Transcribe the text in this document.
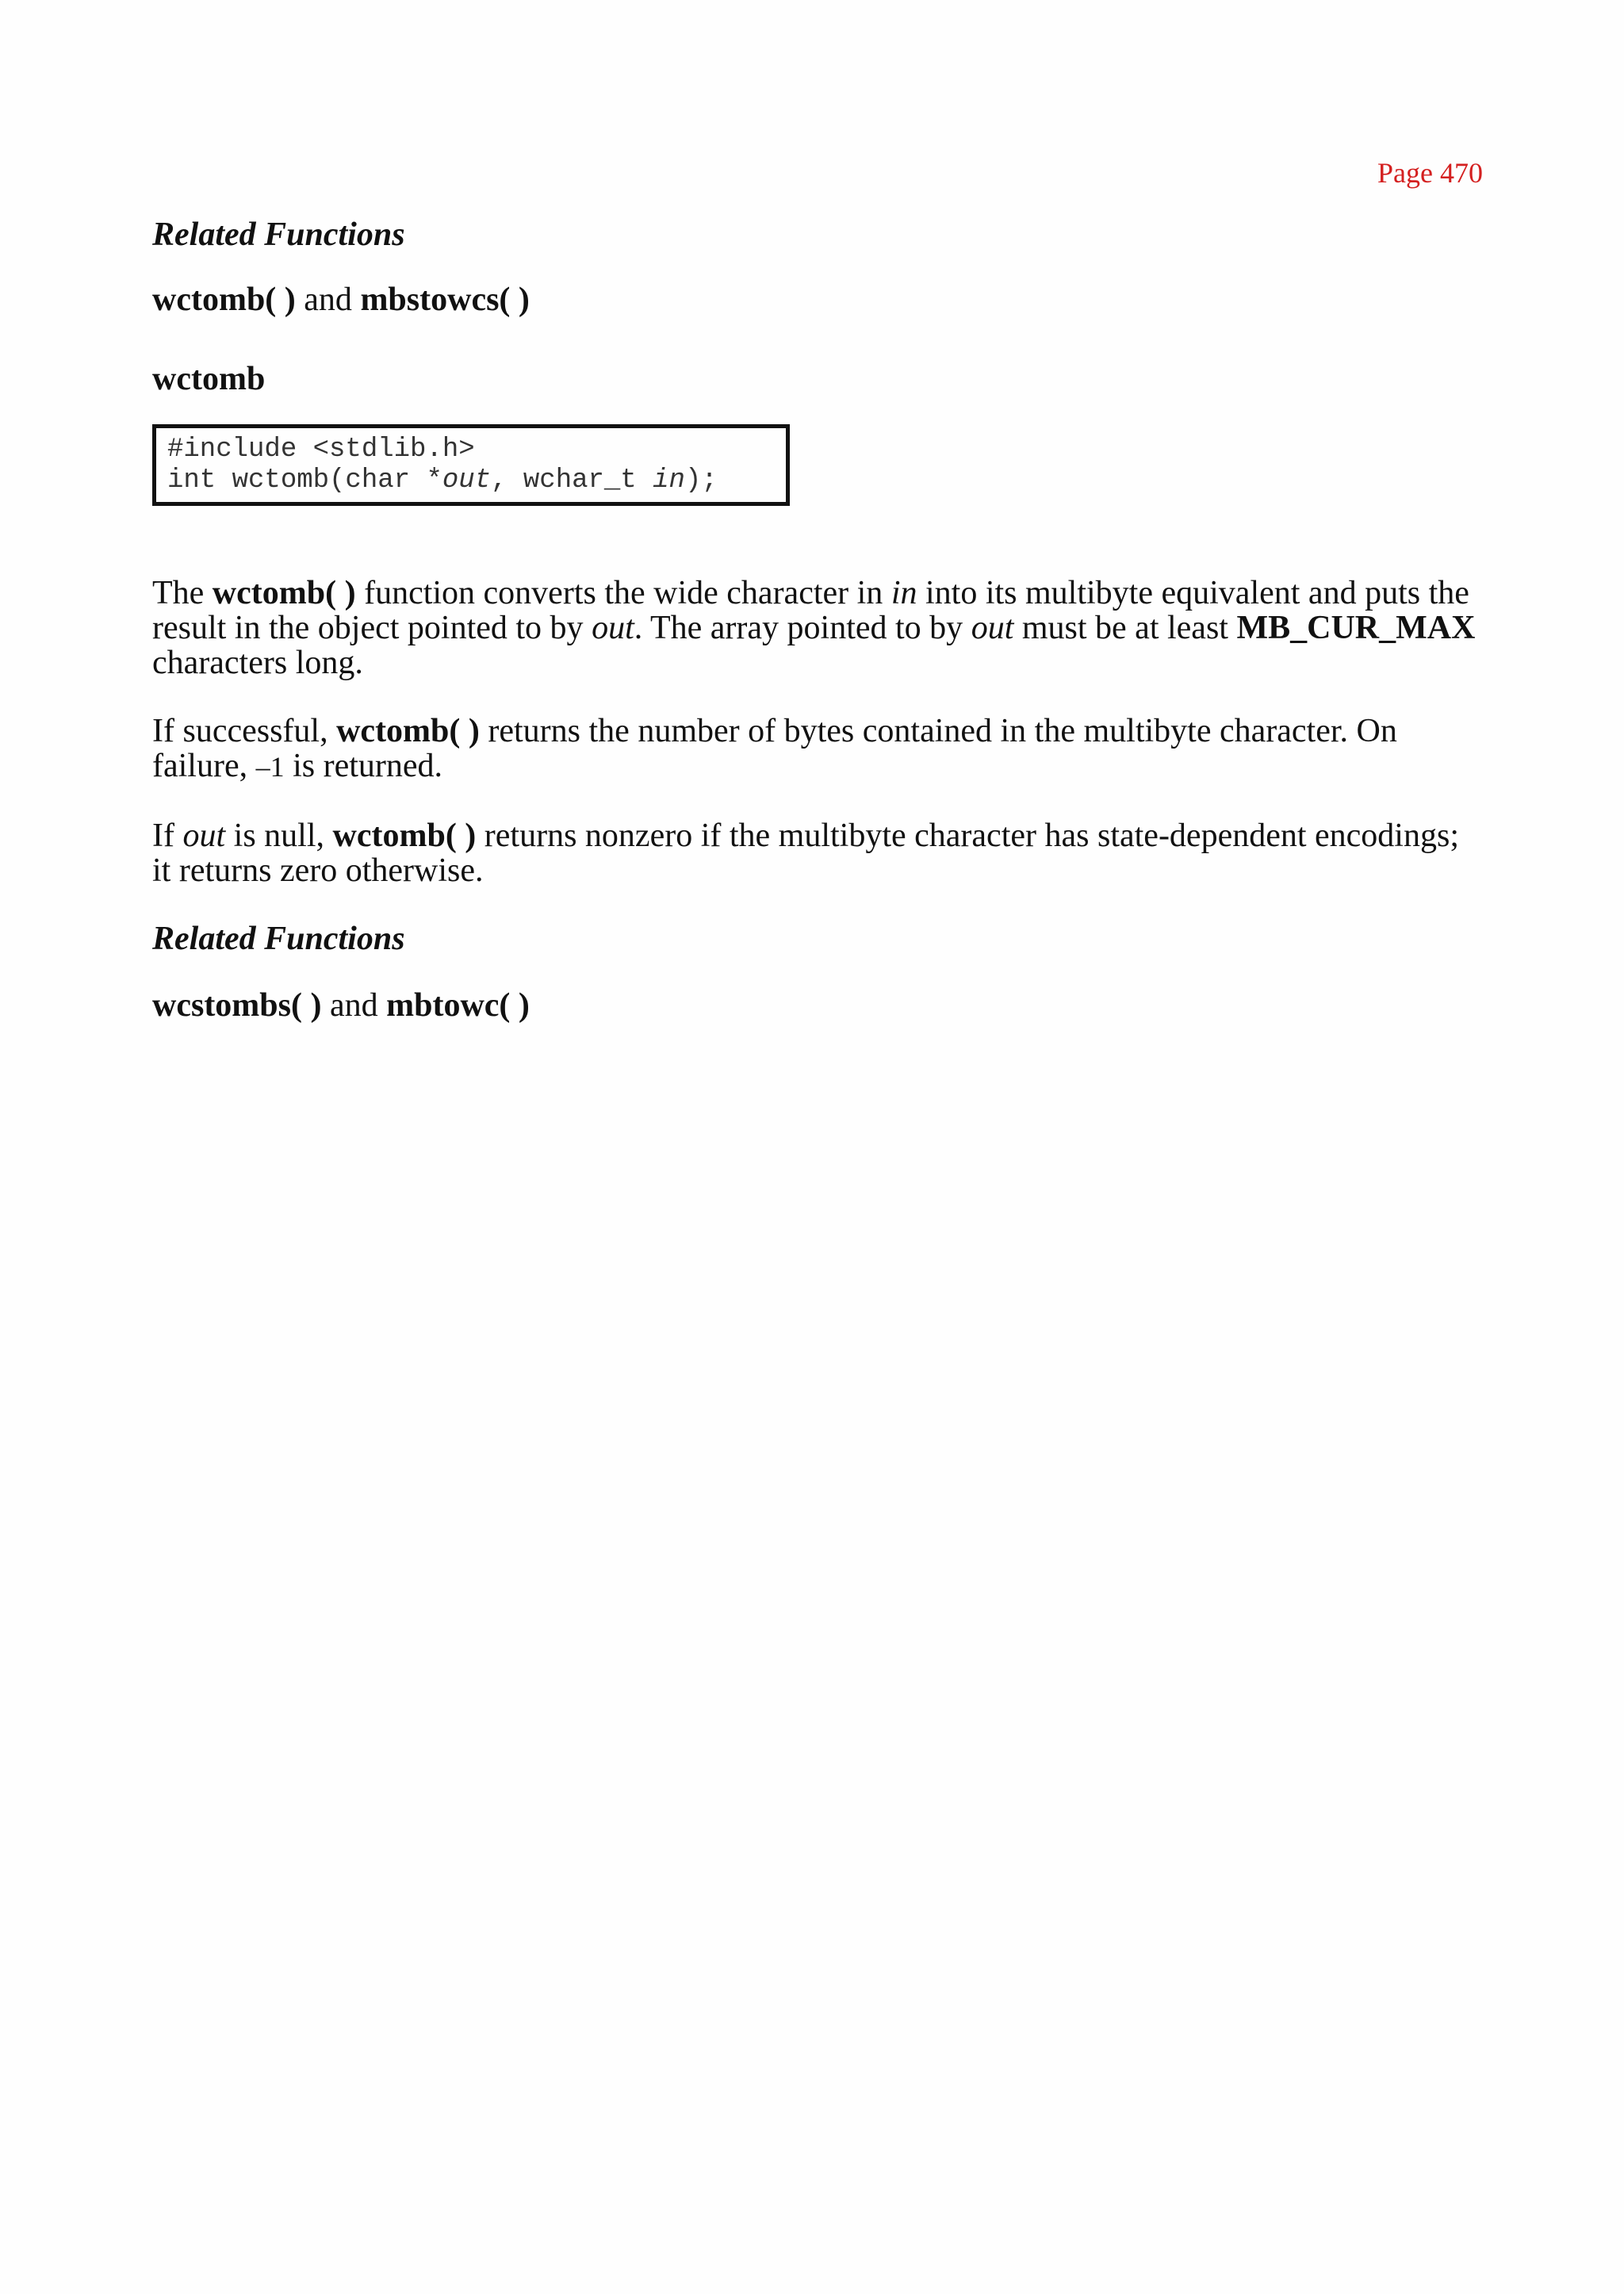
Page 470
Related Functions
wctomb( ) and mbstowcs( )
wctomb
#include <stdlib.h>
int wctomb(char *out, wchar_t in);
The wctomb( ) function converts the wide character in in into its multibyte equivalent and puts the result in the object pointed to by out. The array pointed to by out must be at least MB_CUR_MAX characters long.
If successful, wctomb( ) returns the number of bytes contained in the multibyte character. On failure, –1 is returned.
If out is null, wctomb( ) returns nonzero if the multibyte character has state-dependent encodings; it returns zero otherwise.
Related Functions
wcstombs( ) and mbtowc( )
